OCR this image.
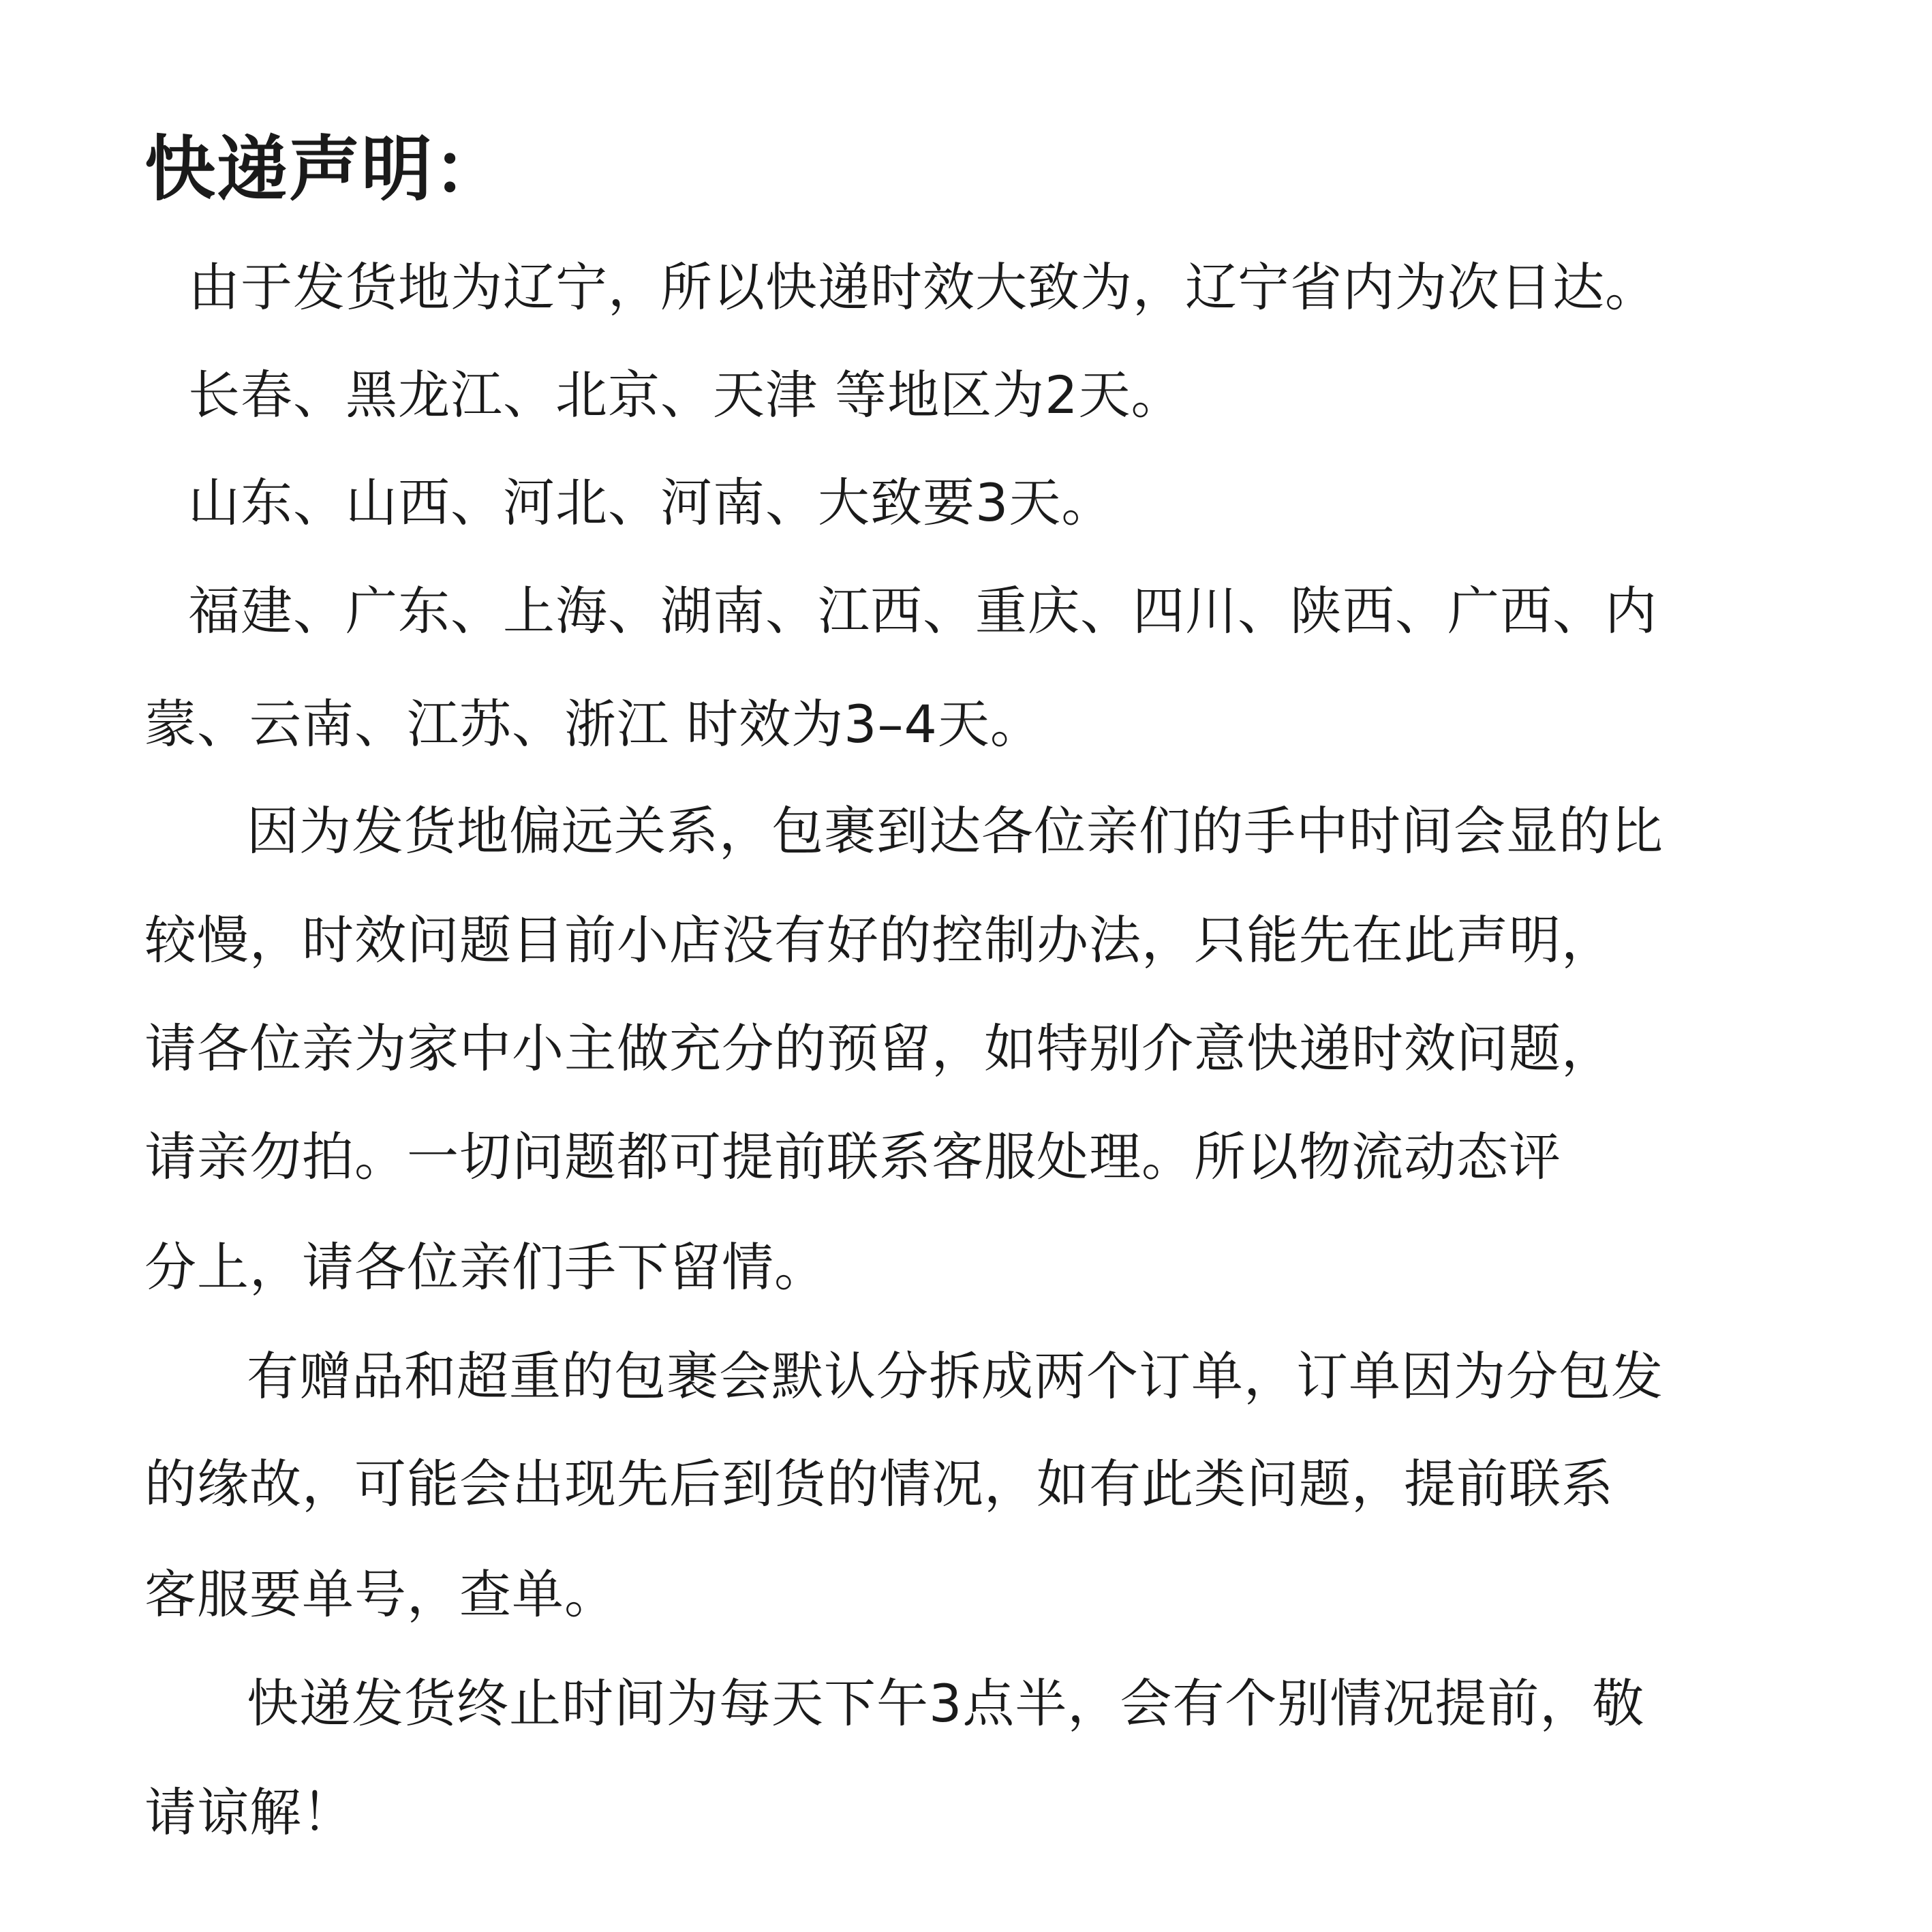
快递声明：
由于发货地为辽宁，所以快递时效大致为，辽宁省内为次日达。
长春、黑龙江、北京、天津 等地区为2天。
山东、山西、河北、河南、大致要3天。
福建、广东、上海、湖南、江西、重庆、四川、陕西、广西、内
蒙、云南、江苏、浙江 时效为3–4天。
因为发货地偏远关系，包裹到达各位亲们的手中时间会显的比
较慢，时效问题目前小店没有好的控制办法，只能先在此声明，
请各位亲为家中小主做充分的预留，如特别介意快递时效问题，
请亲勿拍。一切问题都可提前联系客服处理。所以物流动态评
分上，请各位亲们手下留情。
有赠品和超重的包裹会默认分拆成两个订单，订单因为分包发
的缘故，可能会出现先后到货的情况，如有此类问题，提前联系
客服要单号，查单。
快递发货终止时间为每天下午3点半，会有个别情况提前，敬
请谅解！
